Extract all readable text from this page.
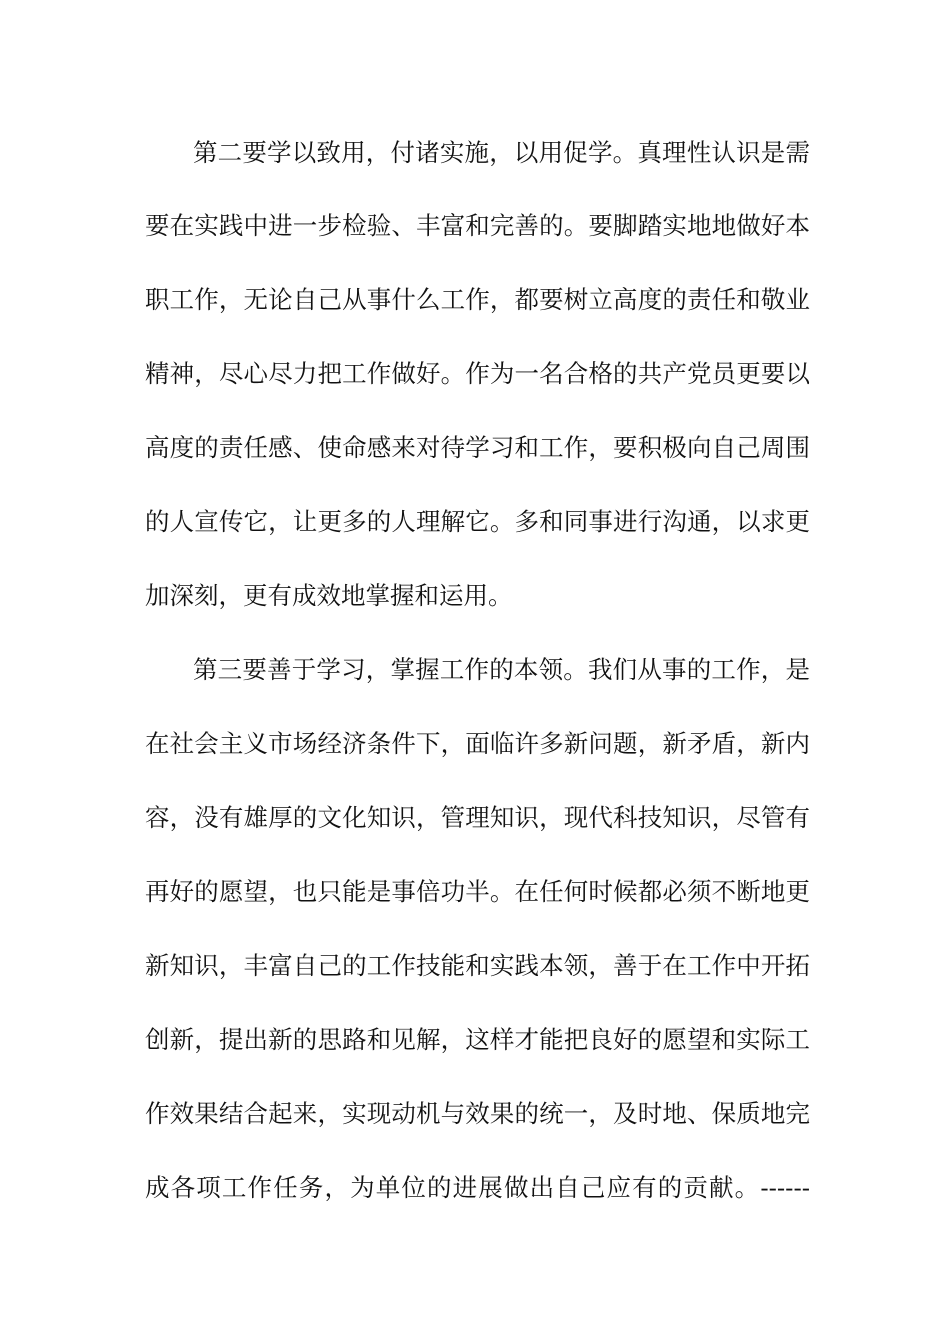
第二要学以致用，付诸实施，以用促学。真理性认识是需
要在实践中进一步检验、丰富和完善的。要脚踏实地地做好本
职工作，无论自己从事什么工作，都要树立高度的责任和敬业
精神，尽心尽力把工作做好。作为一名合格的共产党员更要以
高度的责任感、使命感来对待学习和工作，要积极向自己周围
的人宣传它，让更多的人理解它。多和同事进行沟通，以求更
加深刻，更有成效地掌握和运用。
第三要善于学习，掌握工作的本领。我们从事的工作，是
在社会主义市场经济条件下，面临许多新问题，新矛盾，新内
容，没有雄厚的文化知识，管理知识，现代科技知识，尽管有
再好的愿望，也只能是事倍功半。在任何时候都必须不断地更
新知识，丰富自己的工作技能和实践本领，善于在工作中开拓
创新，提出新的思路和见解，这样才能把良好的愿望和实际工
作效果结合起来，实现动机与效果的统一，及时地、保质地完
成各项工作任务，为单位的进展做出自己应有的贡献。------
